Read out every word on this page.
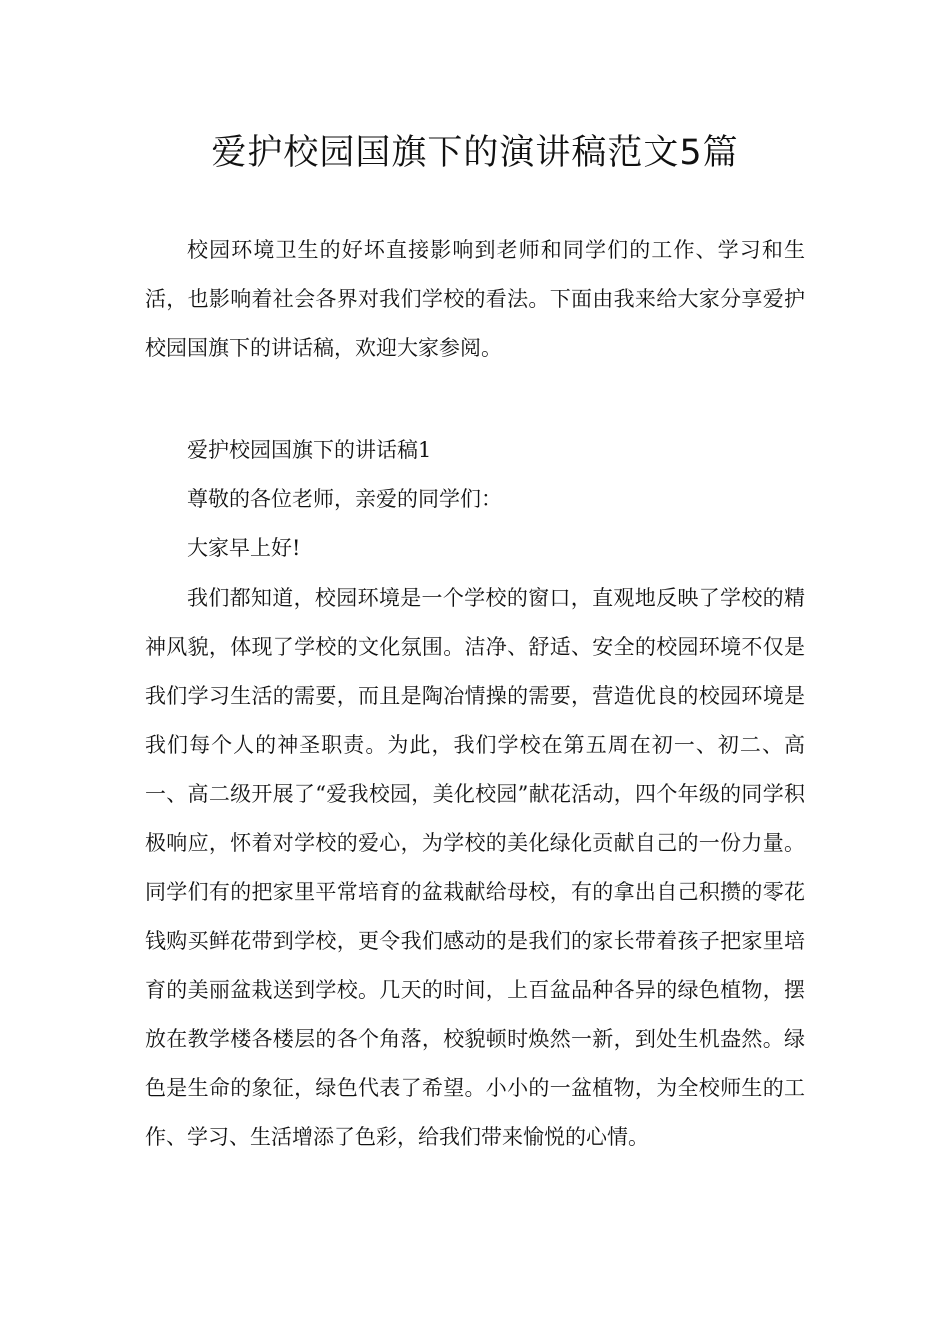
爱护校园国旗下的演讲稿范文5篇

校园环境卫生的好坏直接影响到老师和同学们的工作、学习和生活，也影响着社会各界对我们学校的看法。下面由我来给大家分享爱护校园国旗下的讲话稿，欢迎大家参阅。

爱护校园国旗下的讲话稿1

尊敬的各位老师，亲爱的同学们：

大家早上好!

我们都知道，校园环境是一个学校的窗口，直观地反映了学校的精神风貌，体现了学校的文化氛围。洁净、舒适、安全的校园环境不仅是我们学习生活的需要，而且是陶冶情操的需要，营造优良的校园环境是我们每个人的神圣职责。为此，我们学校在第五周在初一、初二、高一、高二级开展了“爱我校园，美化校园”献花活动，四个年级的同学积极响应，怀着对学校的爱心，为学校的美化绿化贡献自己的一份力量。同学们有的把家里平常培育的盆栽献给母校，有的拿出自己积攒的零花钱购买鲜花带到学校，更令我们感动的是我们的家长带着孩子把家里培育的美丽盆栽送到学校。几天的时间，上百盆品种各异的绿色植物，摆放在教学楼各楼层的各个角落，校貌顿时焕然一新，到处生机盎然。绿色是生命的象征，绿色代表了希望。小小的一盆植物，为全校师生的工作、学习、生活增添了色彩，给我们带来愉悦的心情。
